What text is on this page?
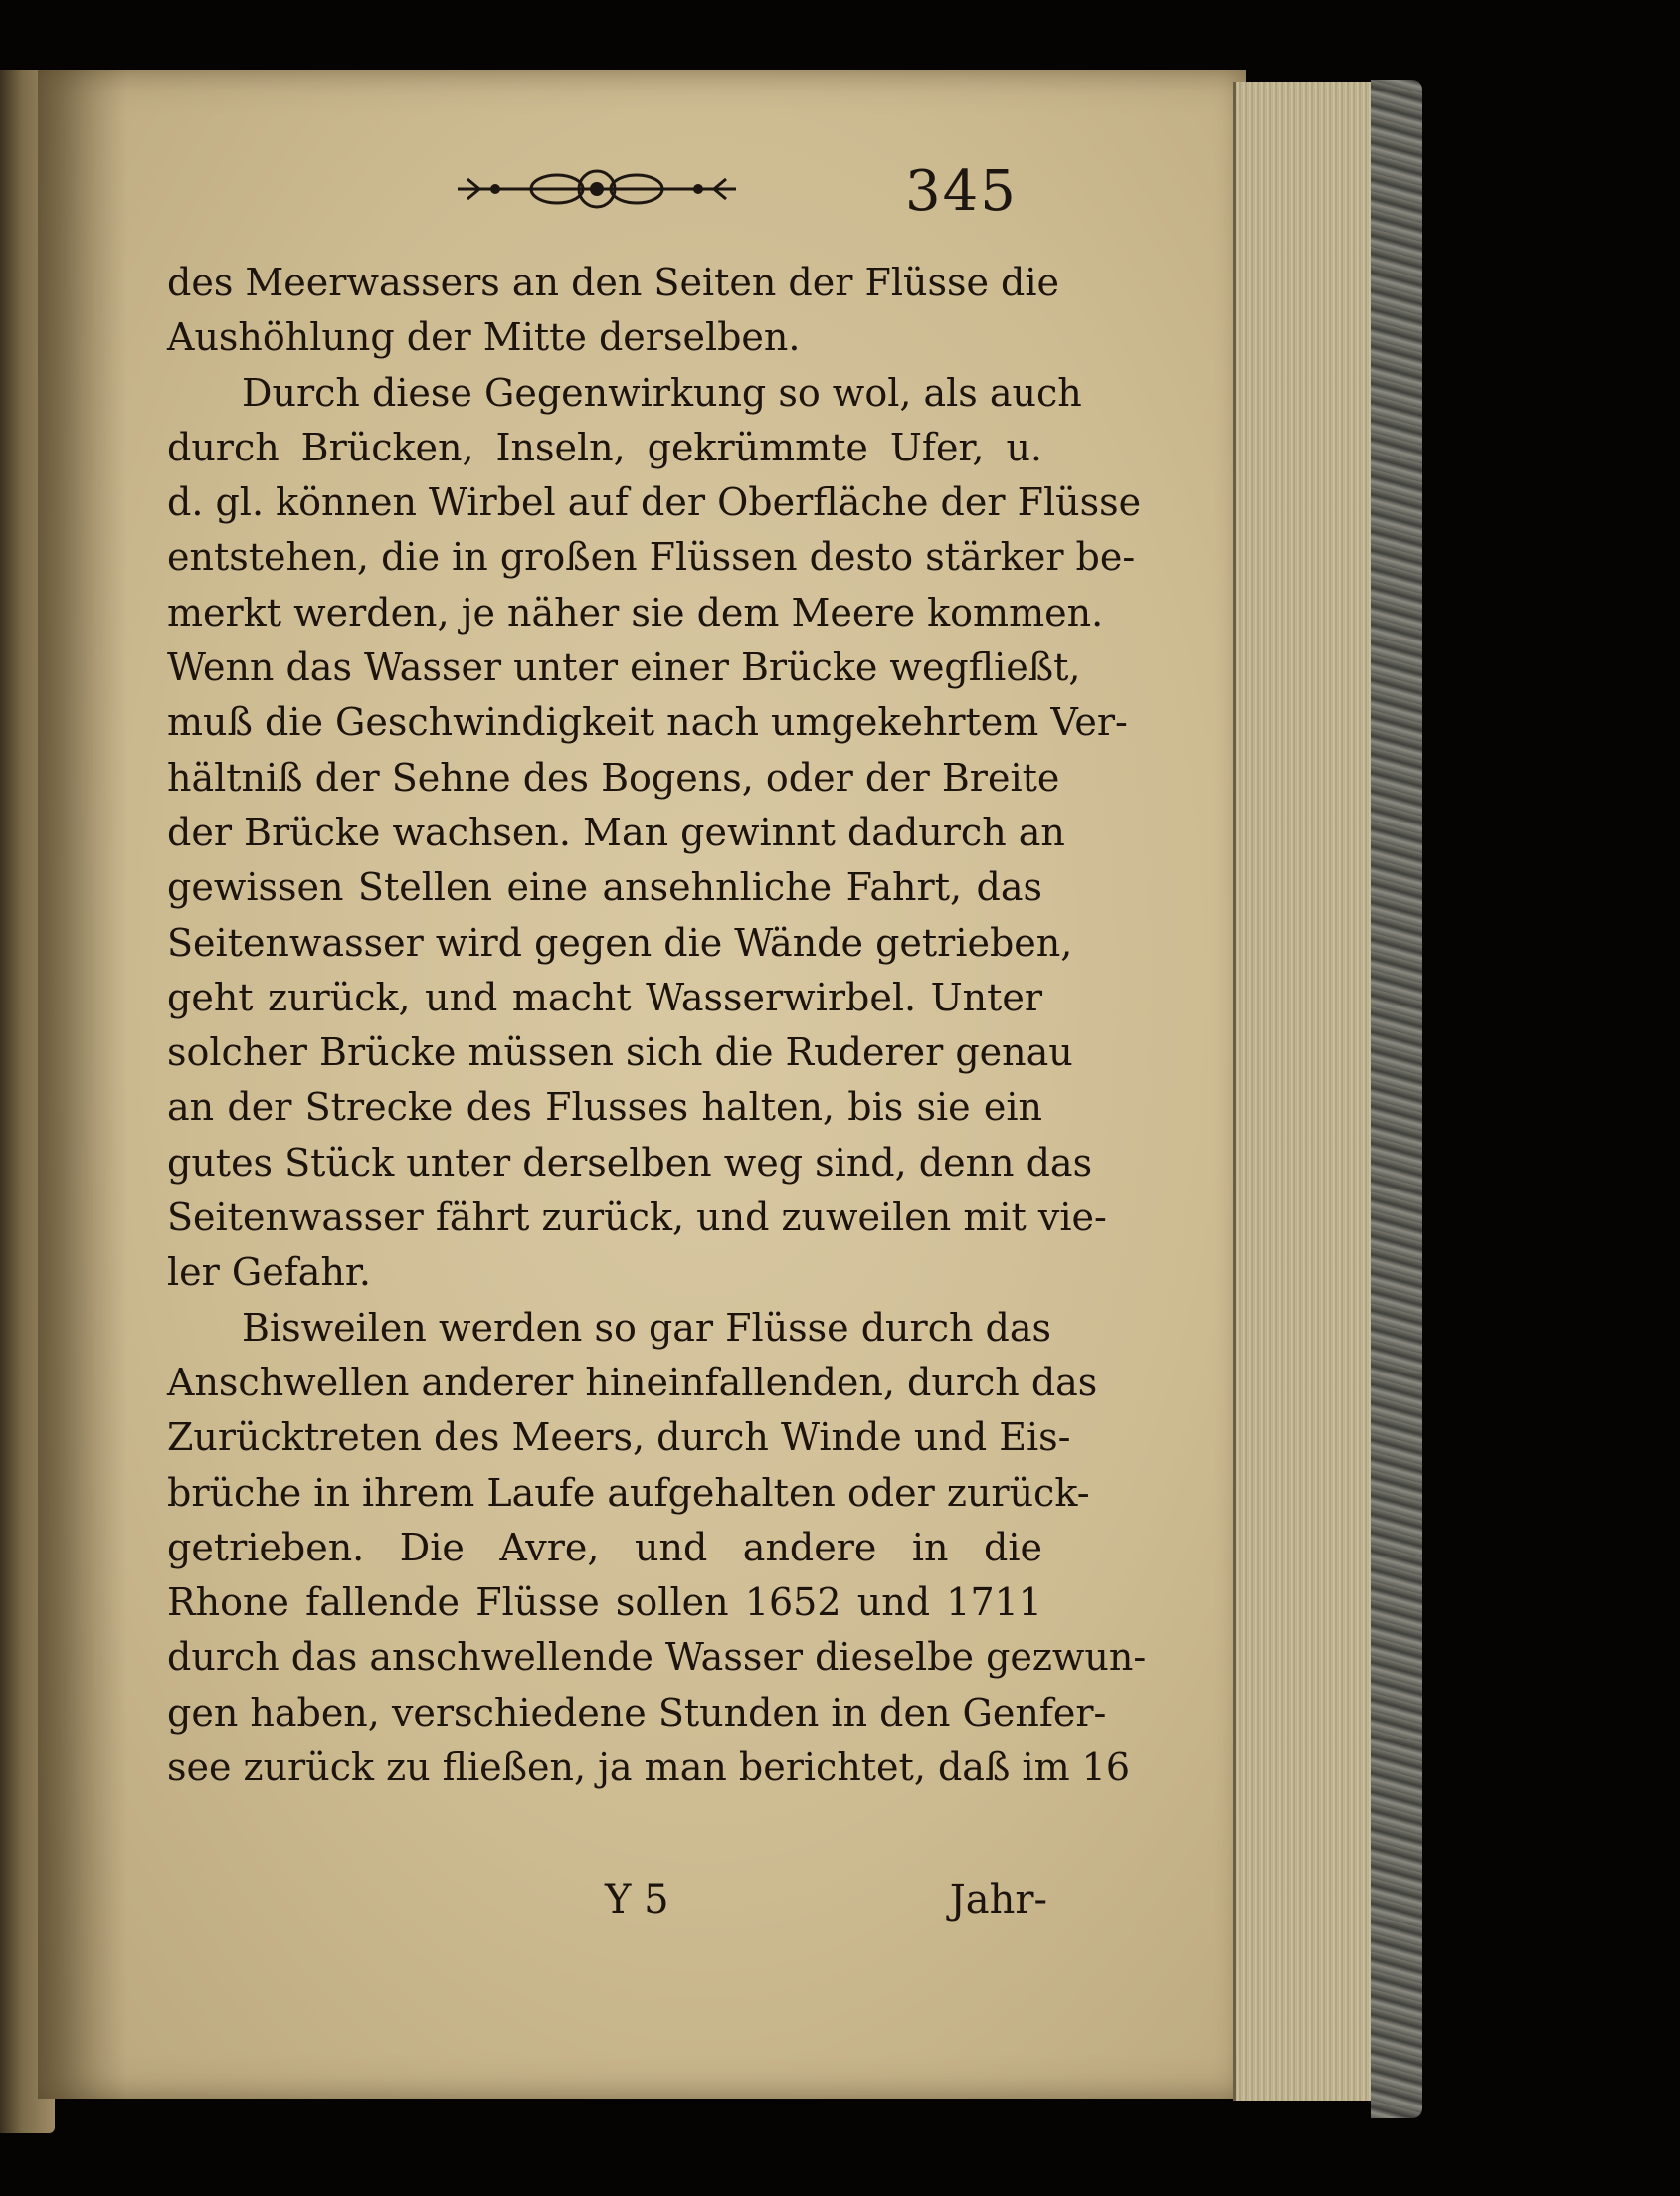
345
des Meerwassers an den Seiten der Flüsse die
Aushöhlung der Mitte derselben.
Durch diese Gegenwirkung so wol, als auch
durch Brücken, Inseln, gekrümmte Ufer, u.
d. gl. können Wirbel auf der Oberfläche der Flüsse
entstehen, die in großen Flüssen desto stärker be-
merkt werden, je näher sie dem Meere kommen.
Wenn das Wasser unter einer Brücke wegfließt,
muß die Geschwindigkeit nach umgekehrtem Ver-
hältniß der Sehne des Bogens, oder der Breite
der Brücke wachsen. Man gewinnt dadurch an
gewissen Stellen eine ansehnliche Fahrt, das
Seitenwasser wird gegen die Wände getrieben,
geht zurück, und macht Wasserwirbel. Unter
solcher Brücke müssen sich die Ruderer genau
an der Strecke des Flusses halten, bis sie ein
gutes Stück unter derselben weg sind, denn das
Seitenwasser fährt zurück, und zuweilen mit vie-
ler Gefahr.
Bisweilen werden so gar Flüsse durch das
Anschwellen anderer hineinfallenden, durch das
Zurücktreten des Meers, durch Winde und Eis-
brüche in ihrem Laufe aufgehalten oder zurück-
getrieben. Die Avre, und andere in die
Rhone fallende Flüsse sollen 1652 und 1711
durch das anschwellende Wasser dieselbe gezwun-
gen haben, verschiedene Stunden in den Genfer-
see zurück zu fließen, ja man berichtet, daß im 16
Y 5	Jahr-
